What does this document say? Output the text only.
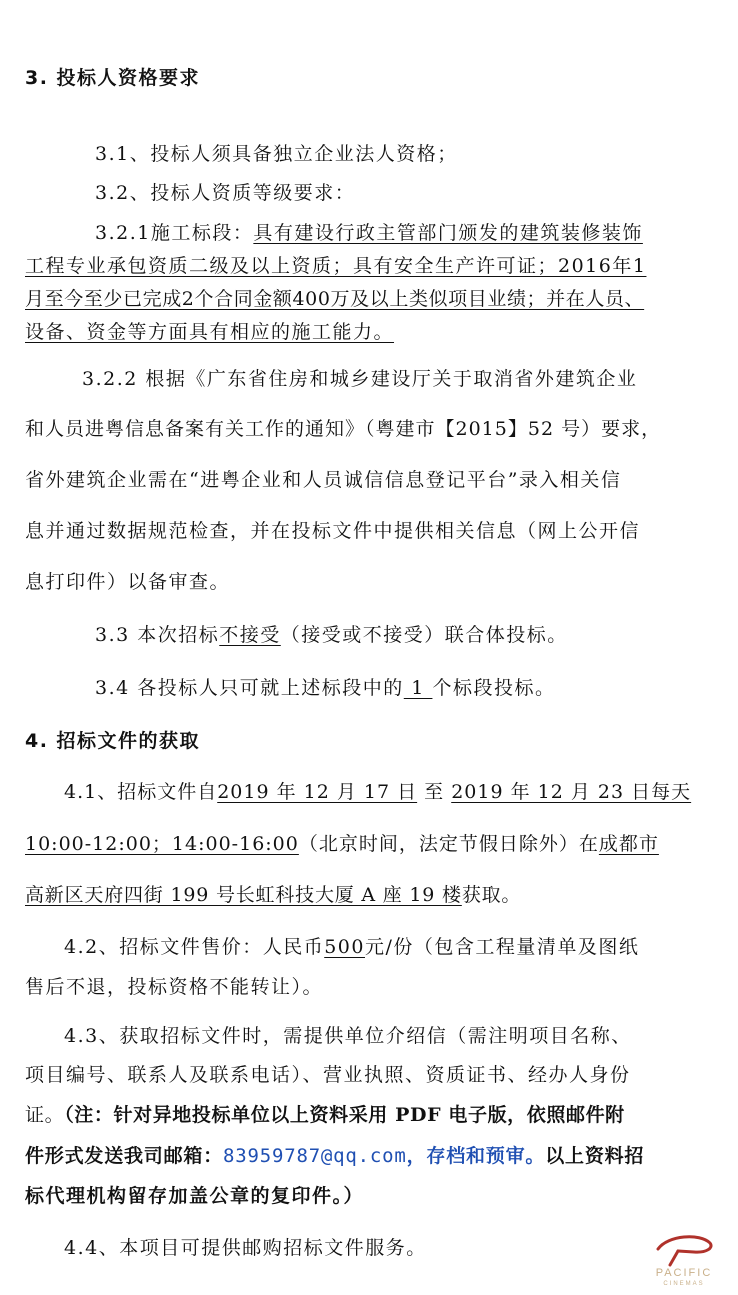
3. 投标人资格要求
3.1、投标人须具备独立企业法人资格；
3.2、投标人资质等级要求：
3.2.1施工标段：具有建设行政主管部门颁发的建筑装修装饰
工程专业承包资质二级及以上资质；具有安全生产许可证；2016年1
月至今至少已完成2个合同金额400万及以上类似项目业绩；并在人员、
设备、资金等方面具有相应的施工能力。
3.2.2 根据《广东省住房和城乡建设厅关于取消省外建筑企业
和人员进粤信息备案有关工作的通知》（粤建市【2015】52 号）要求，
省外建筑企业需在“进粤企业和人员诚信信息登记平台”录入相关信
息并通过数据规范检查，并在投标文件中提供相关信息（网上公开信
息打印件）以备审查。
3.3 本次招标不接受（接受或不接受）联合体投标。
3.4 各投标人只可就上述标段中的 1 个标段投标。
4. 招标文件的获取
4.1、招标文件自2019 年 12 月 17 日 至 2019 年 12 月 23 日每天
10:00-12:00；14:00-16:00（北京时间，法定节假日除外）在成都市
高新区天府四街 199 号长虹科技大厦 A 座 19 楼获取。
4.2、招标文件售价：人民币500元/份（包含工程量清单及图纸
售后不退，投标资格不能转让）。
4.3、获取招标文件时，需提供单位介绍信（需注明项目名称、
项目编号、联系人及联系电话）、营业执照、资质证书、经办人身份
证。（注：针对异地投标单位以上资料采用 PDF 电子版，依照邮件附
件形式发送我司邮箱：83959787@qq.com，存档和预审。以上资料招
标代理机构留存加盖公章的复印件。）
4.4、本项目可提供邮购招标文件服务。
PACIFIC
CINEMAS
